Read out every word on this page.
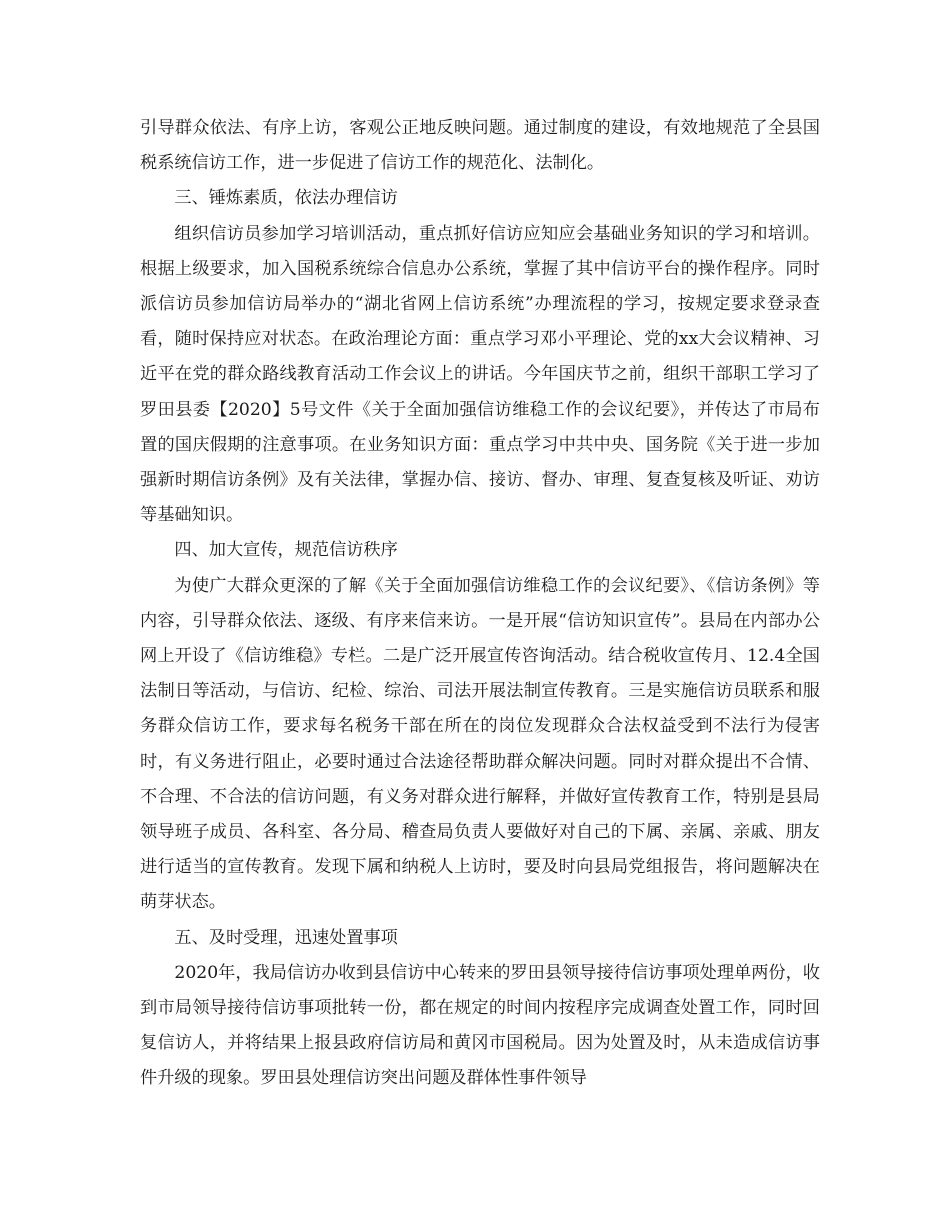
引导群众依法、有序上访，客观公正地反映问题。通过制度的建设，有效地规范了全县国税系统信访工作，进一步促进了信访工作的规范化、法制化。

三、锤炼素质，依法办理信访

组织信访员参加学习培训活动，重点抓好信访应知应会基础业务知识的学习和培训。根据上级要求，加入国税系统综合信息办公系统，掌握了其中信访平台的操作程序。同时派信访员参加信访局举办的“湖北省网上信访系统”办理流程的学习，按规定要求登录查看，随时保持应对状态。在政治理论方面：重点学习邓小平理论、党的xx大会议精神、习近平在党的群众路线教育活动工作会议上的讲话。今年国庆节之前，组织干部职工学习了罗田县委【2020】5号文件《关于全面加强信访维稳工作的会议纪要》，并传达了市局布置的国庆假期的注意事项。在业务知识方面：重点学习中共中央、国务院《关于进一步加强新时期信访条例》及有关法律，掌握办信、接访、督办、审理、复查复核及听证、劝访等基础知识。

四、加大宣传，规范信访秩序

为使广大群众更深的了解《关于全面加强信访维稳工作的会议纪要》、《信访条例》等内容，引导群众依法、逐级、有序来信来访。一是开展“信访知识宣传”。县局在内部办公网上开设了《信访维稳》专栏。二是广泛开展宣传咨询活动。结合税收宣传月、12.4全国法制日等活动，与信访、纪检、综治、司法开展法制宣传教育。三是实施信访员联系和服务群众信访工作，要求每名税务干部在所在的岗位发现群众合法权益受到不法行为侵害时，有义务进行阻止，必要时通过合法途径帮助群众解决问题。同时对群众提出不合情、不合理、不合法的信访问题，有义务对群众进行解释，并做好宣传教育工作，特别是县局领导班子成员、各科室、各分局、稽查局负责人要做好对自己的下属、亲属、亲戚、朋友进行适当的宣传教育。发现下属和纳税人上访时，要及时向县局党组报告，将问题解决在萌芽状态。

五、及时受理，迅速处置事项

2020年，我局信访办收到县信访中心转来的罗田县领导接待信访事项处理单两份，收到市局领导接待信访事项批转一份，都在规定的时间内按程序完成调查处置工作，同时回复信访人，并将结果上报县政府信访局和黄冈市国税局。因为处置及时，从未造成信访事件升级的现象。罗田县处理信访突出问题及群体性事件领导
